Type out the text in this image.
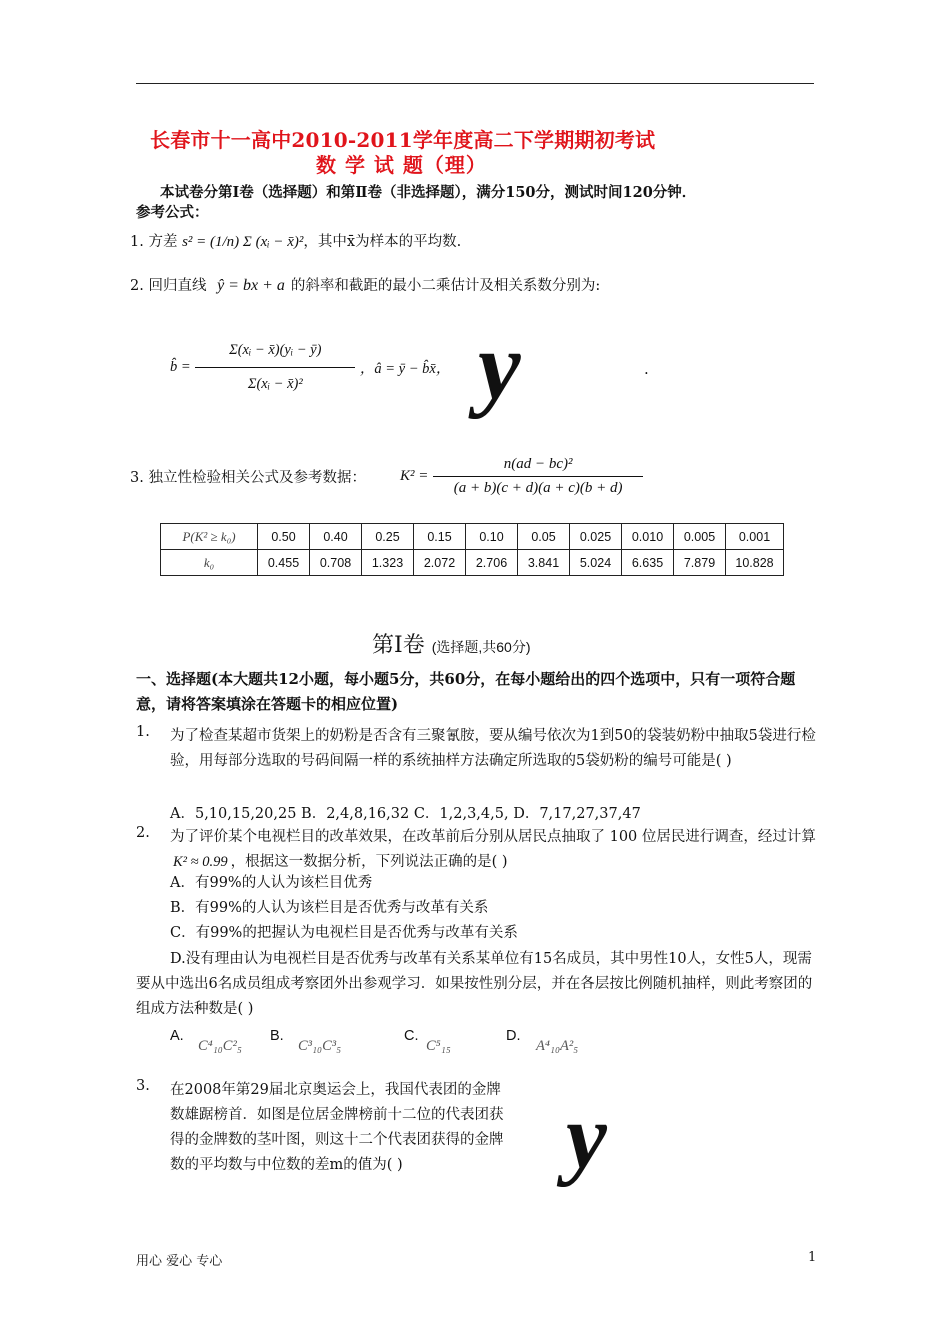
长春市十一高中2010-2011学年度高二下学期期初考试
数 学 试 题（理）
本试卷分第Ⅰ卷（选择题）和第Ⅱ卷（非选择题），满分150分，测试时间120分钟．
参考公式：
1. 方差 s² = (1/n) Σ (xᵢ − x̄)²，其中x̄为样本的平均数.
2. 回归直线 ŷ = bx + a 的斜率和截距的最小二乘估计及相关系数分别为:
b̂ = $\frac{\text{Σ(xᵢ − x̄)(yᵢ − ȳ)}}{\text{Σ(xᵢ − x̄)²}}$ ，â = ȳ − b̂x̄， y	.
3. 独立性检验相关公式及参考数据： $K^2 = \frac{\text{n(ad − bc)²}}{(a + b)(c + d)(a + c)(b + d)}$
P(K² ≥ k₀)	0.50	0.40	0.25	0.15	0.10	0.05	0.025	0.010	0.005	0.001
k₀	0.455	0.708	1.323	2.072	2.706	3.841	5.024	6.635	7.879	10.828
第Ⅰ卷 (选择题,共60分)
一、选择题(本大题共12小题，每小题5分，共60分，在每小题给出的四个选项中，只有一项符合题意，请将答案填涂在答题卡的相应位置)
1. 为了检查某超市货架上的奶粉是否含有三聚氰胺，要从编号依次为1到50的袋装奶粉中抽取5袋进行检验，用每部分选取的号码间隔一样的系统抽样方法确定所选取的5袋奶粉的编号可能是( )
A．5,10,15,20,25 B．2,4,8,16,32 C．1,2,3,4,5, D．7,17,27,37,47
2. 为了评价某个电视栏目的改革效果，在改革前后分别从居民点抽取了 100 位居民进行调查，经过计算K² ≈ 0.99 ，根据这一数据分析，下列说法正确的是( )
A．有99%的人认为该栏目优秀
B．有99%的人认为该栏目是否优秀与改革有关系
C．有99%的把握认为电视栏目是否优秀与改革有关系
D.没有理由认为电视栏目是否优秀与改革有关系某单位有15名成员，其中男性10人，女性5人，现需要从中选出6名成员组成考察团外出参观学习．如果按性别分层，并在各层按比例随机抽样，则此考察团的组成方法种数是( )
A.
C⁴₁₀C²₅
B.
C³₁₀C³₅
C.
C⁵₁₅
D.
A⁴₁₀A²₅
3. 在2008年第29届北京奥运会上，我国代表团的金牌数雄踞榜首．如图是位居金牌榜前十二位的代表团获得的金牌数的茎叶图，则这十二个代表团获得的金牌数的平均数与中位数的差m的值为( )	y
用心 爱心 专心	1
